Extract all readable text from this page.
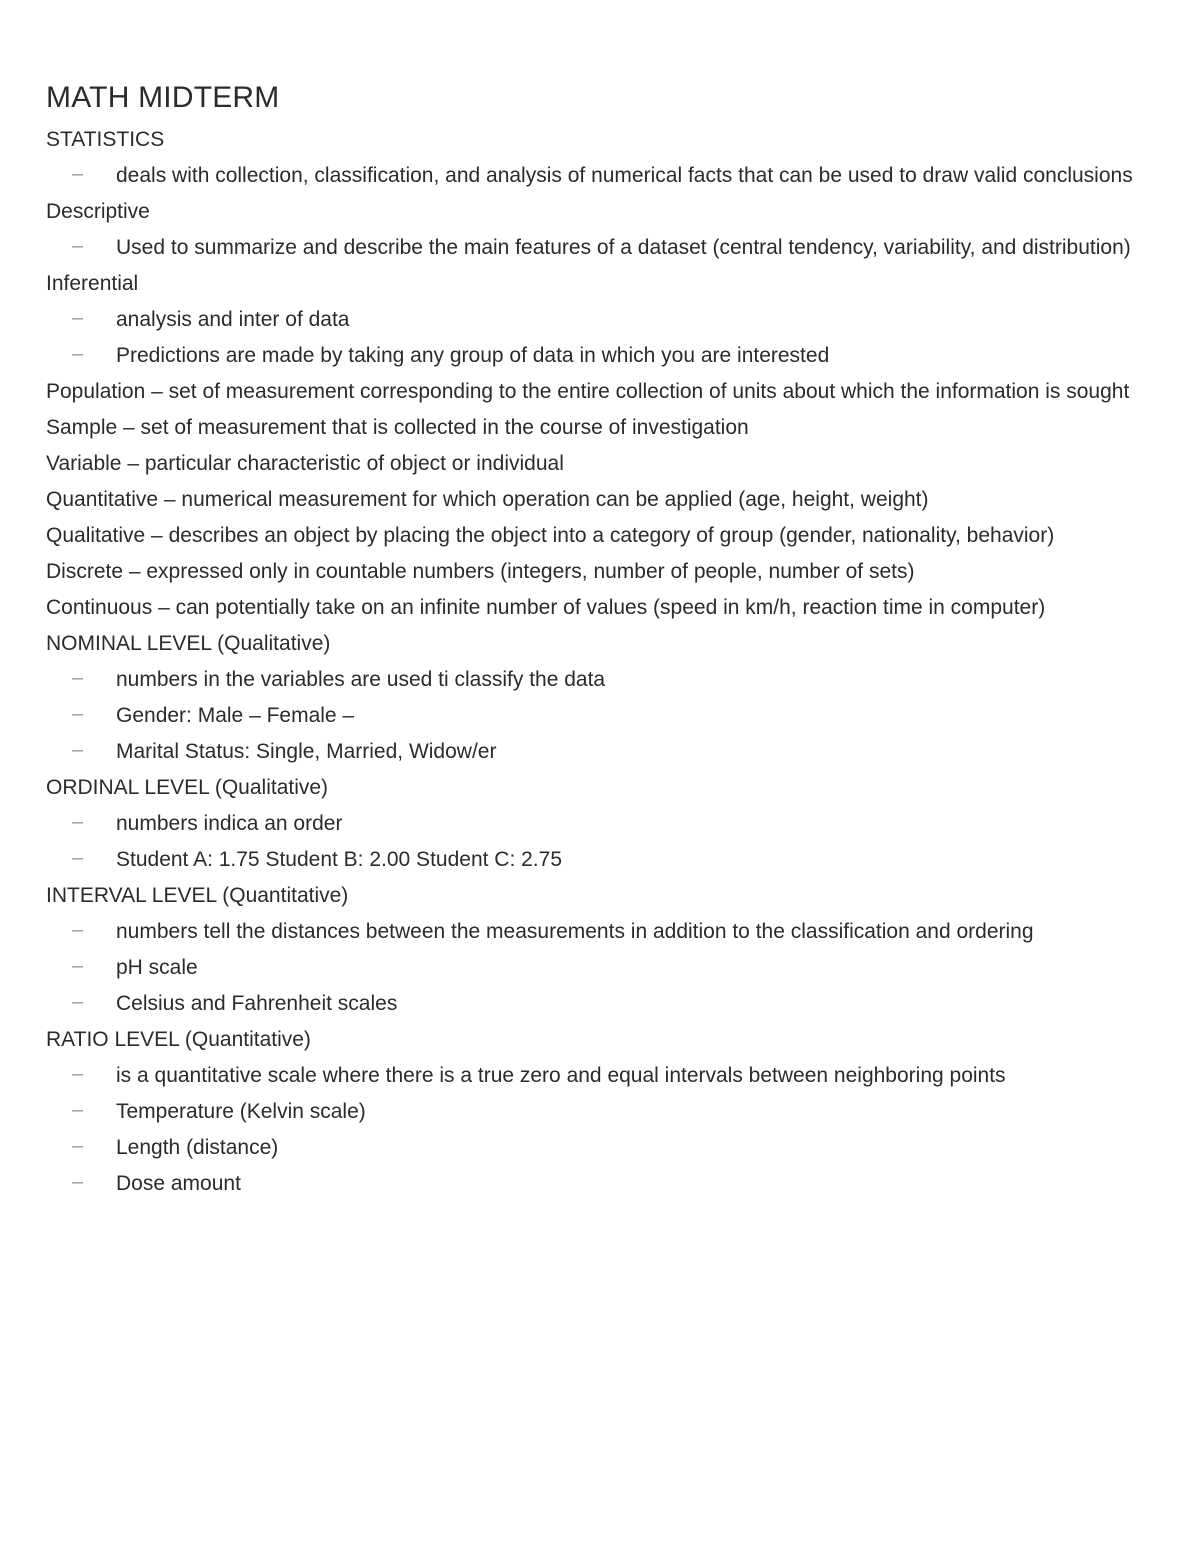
MATH MIDTERM
STATISTICS
–	deals with collection, classification, and analysis of numerical facts that can be used to draw valid conclusions
Descriptive
–	Used to summarize and describe the main features of a dataset (central tendency, variability, and distribution)
Inferential
–	analysis and inter of data
–	Predictions are made by taking any group of data in which you are interested
Population – set of measurement corresponding to the entire collection of units about which the information is sought
Sample – set of measurement that is collected in the course of investigation
Variable – particular characteristic of object or individual
Quantitative – numerical measurement for which operation can be applied (age, height, weight)
Qualitative – describes an object by placing the object into a category of group (gender, nationality, behavior)
Discrete – expressed only in countable numbers (integers, number of people, number of sets)
Continuous – can potentially take on an infinite number of values (speed in km/h, reaction time in computer)
NOMINAL LEVEL (Qualitative)
–	numbers in the variables are used ti classify the data
–	Gender: Male – Female –
–	Marital Status: Single, Married, Widow/er
ORDINAL LEVEL (Qualitative)
–	numbers indica an order
–	Student A: 1.75 Student B: 2.00 Student C: 2.75
INTERVAL LEVEL (Quantitative)
–	numbers tell the distances between the measurements in addition to the classification and ordering
–	pH scale
–	Celsius and Fahrenheit scales
RATIO LEVEL (Quantitative)
–	is a quantitative scale where there is a true zero and equal intervals between neighboring points
–	Temperature (Kelvin scale)
–	Length (distance)
–	Dose amount
